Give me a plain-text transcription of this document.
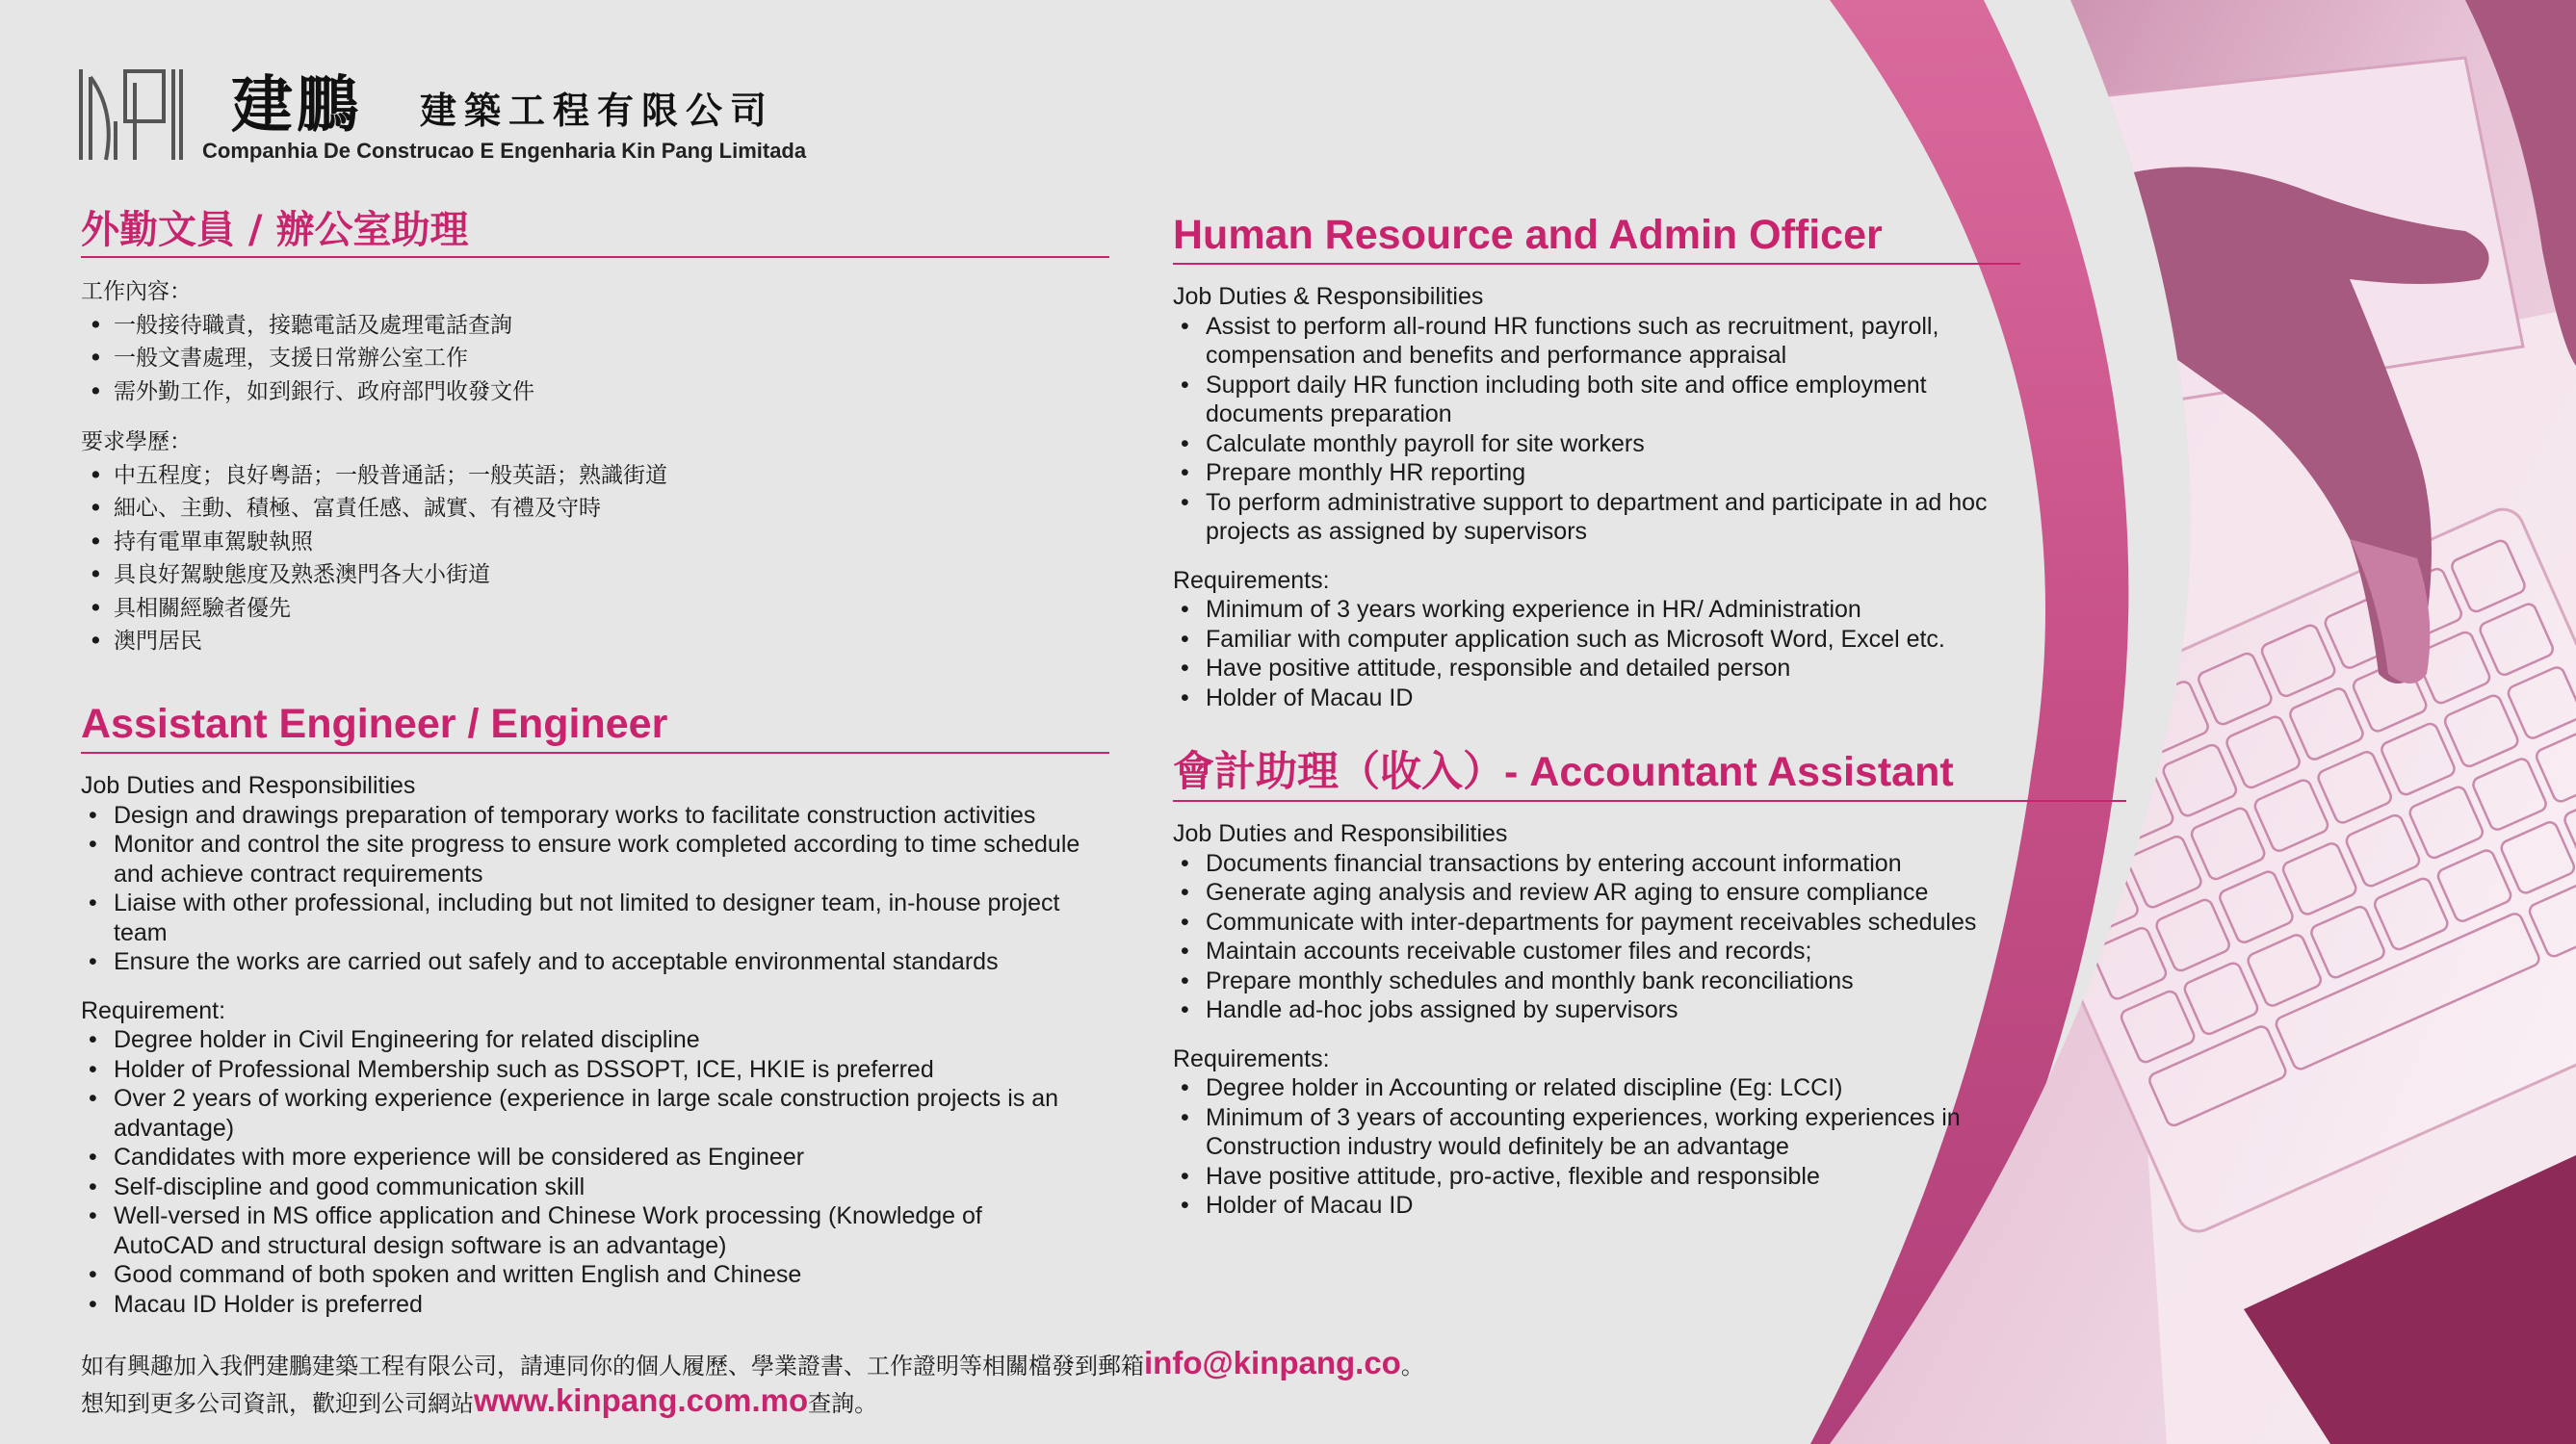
建鵬 建築工程有限公司
Companhia De Construcao E Engenharia Kin Pang Limitada
外勤文員 / 辦公室助理
工作內容：
• 一般接待職責，接聽電話及處理電話查詢
• 一般文書處理，支援日常辦公室工作
• 需外勤工作，如到銀行、政府部門收發文件
要求學歷：
• 中五程度；良好粵語；一般普通話；一般英語；熟識街道
• 細心、主動、積極、富責任感、誠實、有禮及守時
• 持有電單車駕駛執照
• 具良好駕駛態度及熟悉澳門各大小街道
• 具相關經驗者優先
• 澳門居民
Assistant Engineer / Engineer
Job Duties and Responsibilities
• Design and drawings preparation of temporary works to facilitate construction activities
• Monitor and control the site progress to ensure work completed according to time schedule and achieve contract requirements
• Liaise with other professional, including but not limited to designer team, in-house project team
• Ensure the works are carried out safely and to acceptable environmental standards
Requirement:
• Degree holder in Civil Engineering for related discipline
• Holder of Professional Membership such as DSSOPT, ICE, HKIE is preferred
• Over 2 years of working experience (experience in large scale construction projects is an advantage)
• Candidates with more experience will be considered as Engineer
• Self-discipline and good communication skill
• Well-versed in MS office application and Chinese Work processing (Knowledge of AutoCAD and structural design software is an advantage)
• Good command of both spoken and written English and Chinese
• Macau ID Holder is preferred
Human Resource and Admin Officer
Job Duties & Responsibilities
• Assist to perform all-round HR functions such as recruitment, payroll, compensation and benefits and performance appraisal
• Support daily HR function including both site and office employment documents preparation
• Calculate monthly payroll for site workers
• Prepare monthly HR reporting
• To perform administrative support to department and participate in ad hoc projects as assigned by supervisors
Requirements:
• Minimum of 3 years working experience in HR/ Administration
• Familiar with computer application such as Microsoft Word, Excel etc.
• Have positive attitude, responsible and detailed person
• Holder of Macau ID
會計助理（收入）- Accountant Assistant
Job Duties and Responsibilities
• Documents financial transactions by entering account information
• Generate aging analysis and review AR aging to ensure compliance
• Communicate with inter-departments for payment receivables schedules
• Maintain accounts receivable customer files and records;
• Prepare monthly schedules and monthly bank reconciliations
• Handle ad-hoc jobs assigned by supervisors
Requirements:
• Degree holder in Accounting or related discipline (Eg: LCCI)
• Minimum of 3 years of accounting experiences, working experiences in Construction industry would definitely be an advantage
• Have positive attitude, pro-active, flexible and responsible
• Holder of Macau ID
如有興趣加入我們建鵬建築工程有限公司，請連同你的個人履歷、學業證書、工作證明等相關檔發到郵箱info@kinpang.co。
想知到更多公司資訊，歡迎到公司網站www.kinpang.com.mo查詢。
